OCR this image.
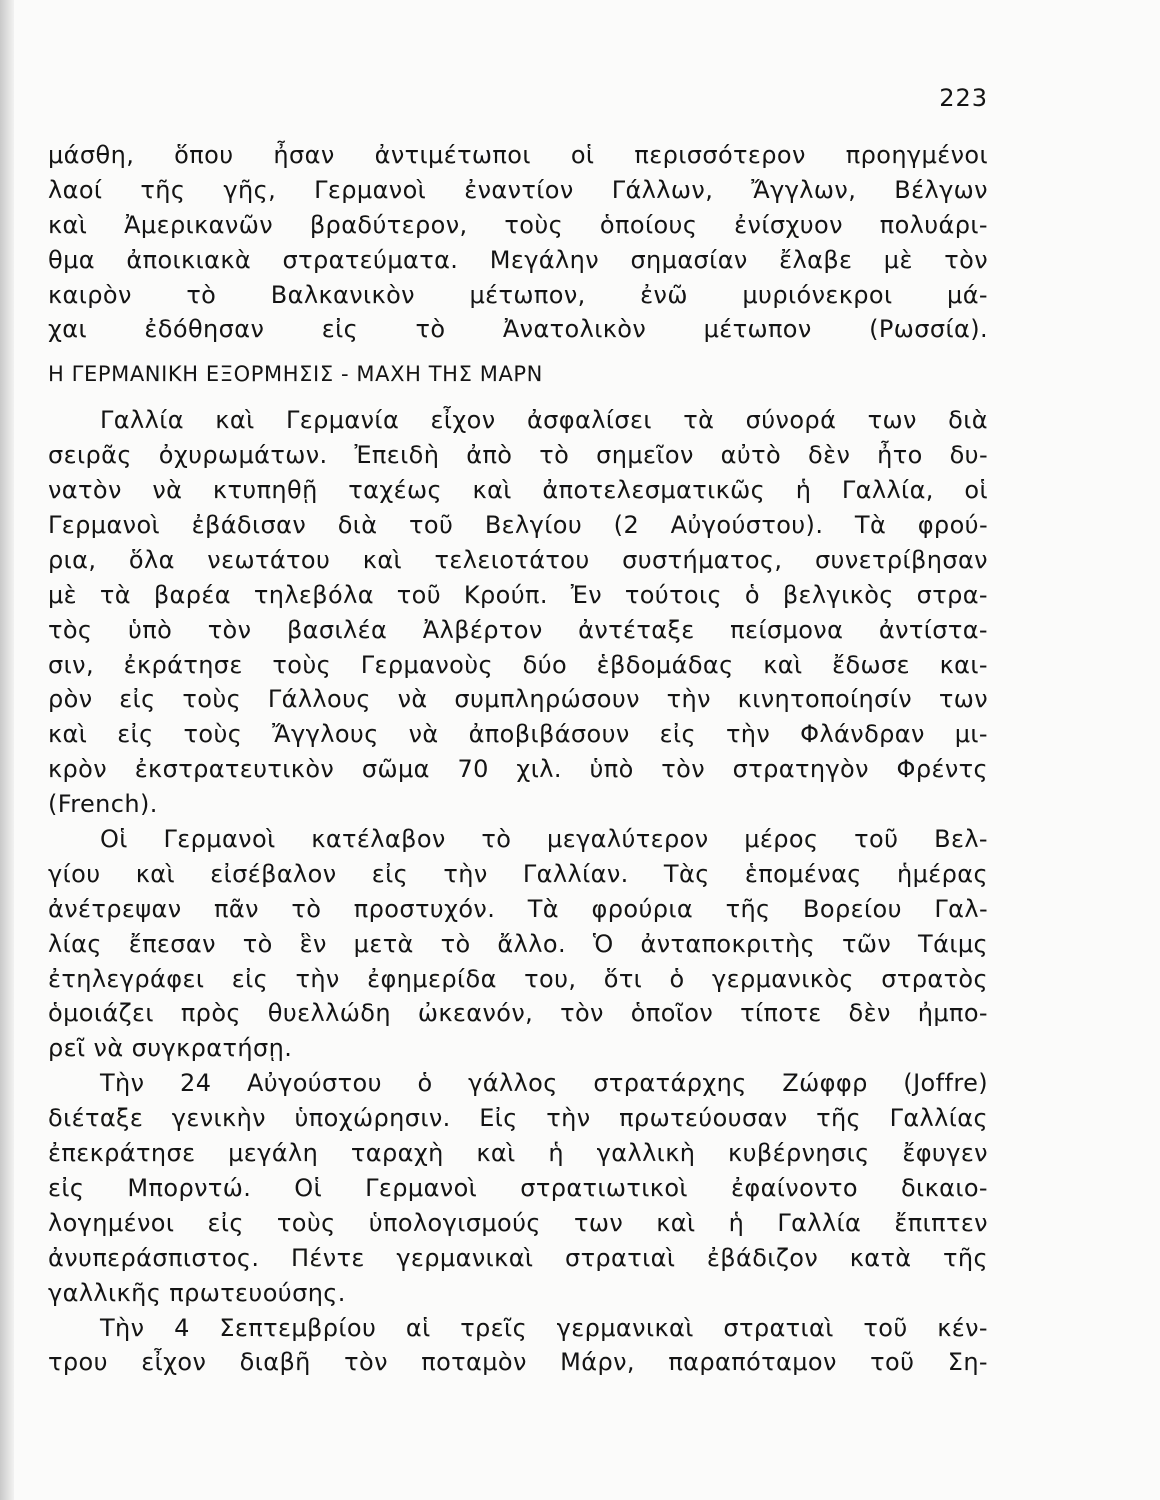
223
μάσθη, ὅπου ἦσαν ἀντιμέτωποι οἱ περισσότερον προηγμένοι
λαοί τῆς γῆς, Γερμανοὶ ἐναντίον Γάλλων, Ἄγγλων, Βέλγων
καὶ Ἀμερικανῶν βραδύτερον, τοὺς ὁποίους ἐνίσχυον πολυάρι-
θμα ἀποικιακὰ στρατεύματα. Μεγάλην σημασίαν ἔλαβε μὲ τὸν
καιρὸν τὸ Βαλκανικὸν μέτωπον, ἐνῶ μυριόνεκροι μά-
χαι ἐδόθησαν εἰς τὸ Ἀνατολικὸν μέτωπον (Ρωσσία).
Η ΓΕΡΜΑΝΙΚΗ ΕΞΟΡΜΗΣΙΣ - ΜΑΧΗ ΤΗΣ ΜΑΡΝ
Γαλλία καὶ Γερμανία εἶχον ἀσφαλίσει τὰ σύνορά των διὰ
σειρᾶς ὀχυρωμάτων. Ἐπειδὴ ἀπὸ τὸ σημεῖον αὐτὸ δὲν ἦτο δυ-
νατὸν νὰ κτυπηθῇ ταχέως καὶ ἀποτελεσματικῶς ἡ Γαλλία, οἱ
Γερμανοὶ ἐβάδισαν διὰ τοῦ Βελγίου (2 Αὐγούστου). Τὰ φρού-
ρια, ὅλα νεωτάτου καὶ τελειοτάτου συστήματος, συνετρίβησαν
μὲ τὰ βαρέα τηλεβόλα τοῦ Κρούπ. Ἐν τούτοις ὁ βελγικὸς στρα-
τὸς ὑπὸ τὸν βασιλέα Ἀλβέρτον ἀντέταξε πείσμονα ἀντίστα-
σιν, ἐκράτησε τοὺς Γερμανοὺς δύο ἑβδομάδας καὶ ἔδωσε και-
ρὸν εἰς τοὺς Γάλλους νὰ συμπληρώσουν τὴν κινητοποίησίν των
καὶ εἰς τοὺς Ἄγγλους νὰ ἀποβιβάσουν εἰς τὴν Φλάνδραν μι-
κρὸν ἐκστρατευτικὸν σῶμα 70 χιλ. ὑπὸ τὸν στρατηγὸν Φρέντς
(French).
Οἱ Γερμανοὶ κατέλαβον τὸ μεγαλύτερον μέρος τοῦ Βελ-
γίου καὶ εἰσέβαλον εἰς τὴν Γαλλίαν. Τὰς ἑπομένας ἡμέρας
ἀνέτρεψαν πᾶν τὸ προστυχόν. Τὰ φρούρια τῆς Βορείου Γαλ-
λίας ἔπεσαν τὸ ἓν μετὰ τὸ ἄλλο. Ὁ ἀνταποκριτὴς τῶν Τάιμς
ἐτηλεγράφει εἰς τὴν ἐφημερίδα του, ὅτι ὁ γερμανικὸς στρατὸς
ὁμοιάζει πρὸς θυελλώδη ὠκεανόν, τὸν ὁποῖον τίποτε δὲν ἠμπο-
ρεῖ νὰ συγκρατήσῃ.
Τὴν 24 Αὐγούστου ὁ γάλλος στρατάρχης Ζώφφρ (Joffre)
διέταξε γενικὴν ὑποχώρησιν. Εἰς τὴν πρωτεύουσαν τῆς Γαλλίας
ἐπεκράτησε μεγάλη ταραχὴ καὶ ἡ γαλλικὴ κυβέρνησις ἔφυγεν
εἰς Μπορντώ. Οἱ Γερμανοὶ στρατιωτικοὶ ἐφαίνοντο δικαιο-
λογημένοι εἰς τοὺς ὑπολογισμούς των καὶ ἡ Γαλλία ἔπιπτεν
ἀνυπεράσπιστος. Πέντε γερμανικαὶ στρατιαὶ ἐβάδιζον κατὰ τῆς
γαλλικῆς πρωτευούσης.
Τὴν 4 Σεπτεμβρίου αἱ τρεῖς γερμανικαὶ στρατιαὶ τοῦ κέν-
τρου εἶχον διαβῆ τὸν ποταμὸν Μάρν, παραπόταμον τοῦ Ση-
